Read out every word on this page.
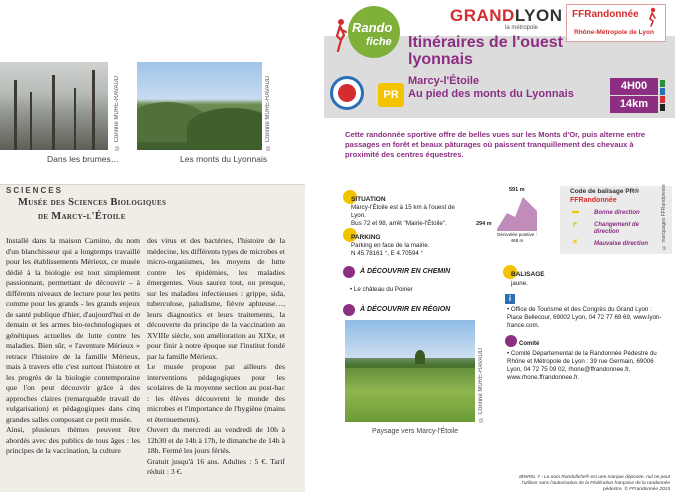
© Corinne MURE-RAVAUD	© Corinne MURE-RAVAUD
Dans les brumes…	Les monts du Lyonnais
SCIENCES
Musée des Sciences Biologiques
de Marcy-l'Étoile
Installé dans la maison Carnino, du nom d'un blanchisseur qui a longtemps travaillé pour les établissements Mérieux, ce musée dédié à la biologie est tout simplement passionnant, permettant de découvrir – à différents niveaux de lecture pour les petits comme pour les grands - les grands enjeux de santé publique d'hier, d'aujourd'hui et de demain et les armes bio-technologiques et génétiques actuelles de lutte contre les maladies. Bien sûr, « l'aventure Mérieux » retrace l'histoire de la famille Mérieux, mais à travers elle c'est surtout l'histoire et les progrès de la biologie contemporaine que l'on peut découvrir grâce à des approches claires (remarquable travail de vulgarisation) et pédagogiques dans cinq grandes salles composant ce petit musée.
Ainsi, plusieurs thèmes peuvent être abordés avec des publics de tous âges : les principes de la vaccination, la culture
des virus et des bactéries, l'histoire de la médecine, les différents types de microbes et micro-organismes, les moyens de lutte contre les épidémies, les maladies émergentes. Vous saurez tout, ou presque, sur les maladies infectieuses : grippe, sida, tuberculose, paludisme, fièvre aphteuse…, leurs diagnostics et leurs traitements, la découverte du principe de la vaccination au XVIIIe siècle, son amélioration au XIXe, et pour finir à notre époque sur l'institut fondé par la famille Mérieux.
Le musée propose par ailleurs des interventions pédagogiques pour les scolaires de la moyenne section au post-bac : les élèves découvrent le monde des microbes et l'importance de l'hygiène (mains et éternuements).
Ouvert du mercredi au vendredi de 10h à 12h30 et de 14h à 17h, le dimanche de 14h à 18h. Fermé les jours fériés.
Gratuit jusqu'à 16 ans. Adultes : 5 €. Tarif réduit : 3 €.
Rando
fiche
GRANDLYON
la métropole
FFRandonnée
Rhône-Métropole de Lyon
Itinéraires de l'ouest
lyonnais
Marcy-l'Étoile
Au pied des monts du Lyonnais
PR
4H00
14km
Cette randonnée sportive offre de belles vues sur les Monts d'Or, puis alterne entre passages en forêt et beaux pâturages où paissent tranquillement des chevaux à proximité des centres équestres.
SITUATION
Marcy-l'Étoile est à 15 km à l'ouest de Lyon.
Bus 72 et 98, arrêt "Mairie-l'Étoile".
PARKING
Parking en face de la mairie.
N 45.78161 °, E 4.70594 °
591 m
294 m
Dénivelée positive : 468 m
Code de balisage PR®
FFRandonnée
▬
↱
✕
Bonne direction
Changement de direction
Mauvaise direction	© marquages FFRandonnée
À DÉCOUVRIR EN CHEMIN
• Le château du Poirier
À DÉCOUVRIR EN RÉGION
BALISAGE
jaune.
i
• Office de Tourisme et des Congrès du Grand Lyon : Place Bellecour, 69002 Lyon, 04 72 77 69 69, www.lyon-france.com.
Comité
• Comité Départemental de la Randonnée Pédestre du Rhône et Métropole de Lyon : 39 rue Germain, 69006 Lyon, 04 72 75 09 02, rhone@ffrandonnee.fr, www.rhone.ffrandonnee.fr.
© Corinne MURE-RAVAUD
Paysage vers Marcy-l'Étoile
IBNR0L 7 - Le nom Randofiche® est une marque déposée, nul ne peut l'utiliser sans l'autorisation de la Fédération française de la randonnée pédestre. © FFrandonnée 2015
